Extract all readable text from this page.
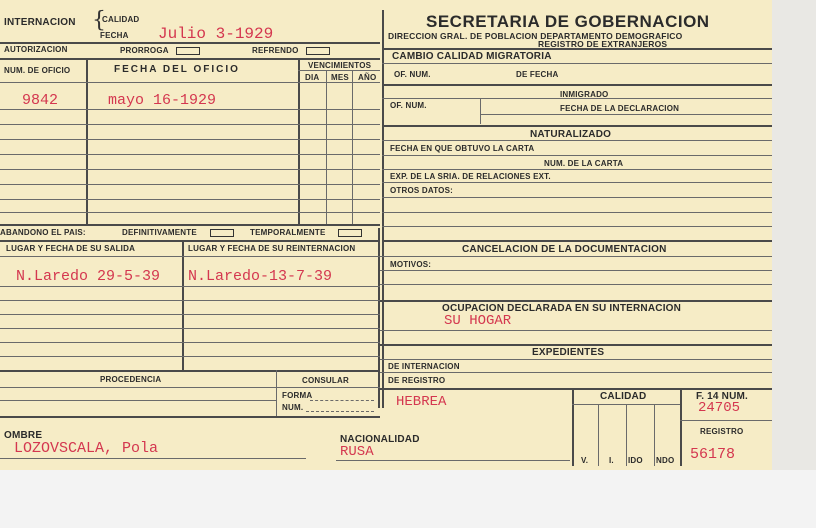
INTERNACION {
CALIDAD
FECHA Julio 3-1929
AUTORIZACION	PRORROGA	REFRENDO
NUM. DE OFICIO	FECHA DEL OFICIO	VENCIMIENTOS
DIA MES AÑO
9842	mayo 16-1929
ABANDONO EL PAIS:	DEFINITIVAMENTE	TEMPORALMENTE
LUGAR Y FECHA DE SU SALIDA	LUGAR Y FECHA DE SU REINTERNACION
N.Laredo 29-5-39 N.Laredo-13-7-39
PROCEDENCIA	CONSULAR
FORMA
NUM.
OMBRE
LOZOVSCALA, Pola
NACIONALIDAD
RUSA
SECRETARIA DE GOBERNACION
DIRECCION GRAL. DE POBLACION DEPARTAMENTO DEMOGRAFICO
REGISTRO DE EXTRANJEROS
CAMBIO CALIDAD MIGRATORIA
OF. NUM.	DE FECHA
INMIGRADO
OF. NUM.	FECHA DE LA DECLARACION
NATURALIZADO
FECHA EN QUE OBTUVO LA CARTA
NUM. DE LA CARTA
EXP. DE LA SRIA. DE RELACIONES EXT.
OTROS DATOS:
CANCELACION DE LA DOCUMENTACION
MOTIVOS:
OCUPACION DECLARADA EN SU INTERNACION
SU HOGAR
EXPEDIENTES
DE INTERNACION
DE REGISTRO
HEBREA	CALIDAD
V.	I. IDO NDO
F. 14 NUM.
24705
REGISTRO
56178
